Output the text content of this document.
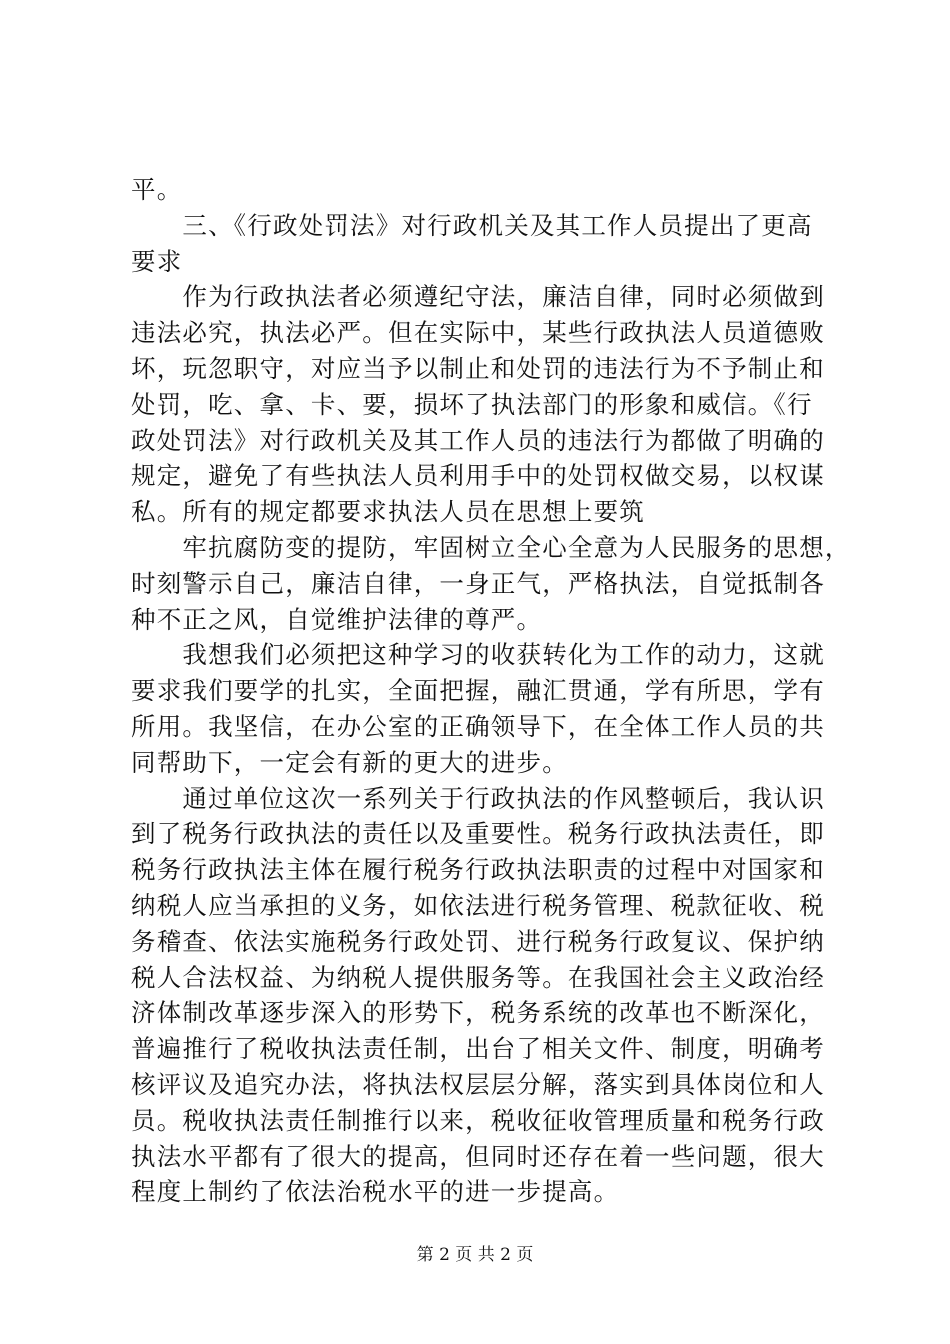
平。
　　三、《行政处罚法》对行政机关及其工作人员提出了更高
要求
　　作为行政执法者必须遵纪守法，廉洁自律，同时必须做到
违法必究，执法必严。但在实际中，某些行政执法人员道德败
坏，玩忽职守，对应当予以制止和处罚的违法行为不予制止和
处罚，吃、拿、卡、要，损坏了执法部门的形象和威信。《行
政处罚法》对行政机关及其工作人员的违法行为都做了明确的
规定，避免了有些执法人员利用手中的处罚权做交易，以权谋
私。所有的规定都要求执法人员在思想上要筑
　　牢抗腐防变的提防，牢固树立全心全意为人民服务的思想，
时刻警示自己，廉洁自律，一身正气，严格执法，自觉抵制各
种不正之风，自觉维护法律的尊严。
　　我想我们必须把这种学习的收获转化为工作的动力，这就
要求我们要学的扎实，全面把握，融汇贯通，学有所思，学有
所用。我坚信，在办公室的正确领导下，在全体工作人员的共
同帮助下，一定会有新的更大的进步。
　　通过单位这次一系列关于行政执法的作风整顿后，我认识
到了税务行政执法的责任以及重要性。税务行政执法责任，即
税务行政执法主体在履行税务行政执法职责的过程中对国家和
纳税人应当承担的义务，如依法进行税务管理、税款征收、税
务稽查、依法实施税务行政处罚、进行税务行政复议、保护纳
税人合法权益、为纳税人提供服务等。在我国社会主义政治经
济体制改革逐步深入的形势下，税务系统的改革也不断深化，
普遍推行了税收执法责任制，出台了相关文件、制度，明确考
核评议及追究办法，将执法权层层分解，落实到具体岗位和人
员。税收执法责任制推行以来，税收征收管理质量和税务行政
执法水平都有了很大的提高，但同时还存在着一些问题，很大
程度上制约了依法治税水平的进一步提高。
第 2 页 共 2 页
